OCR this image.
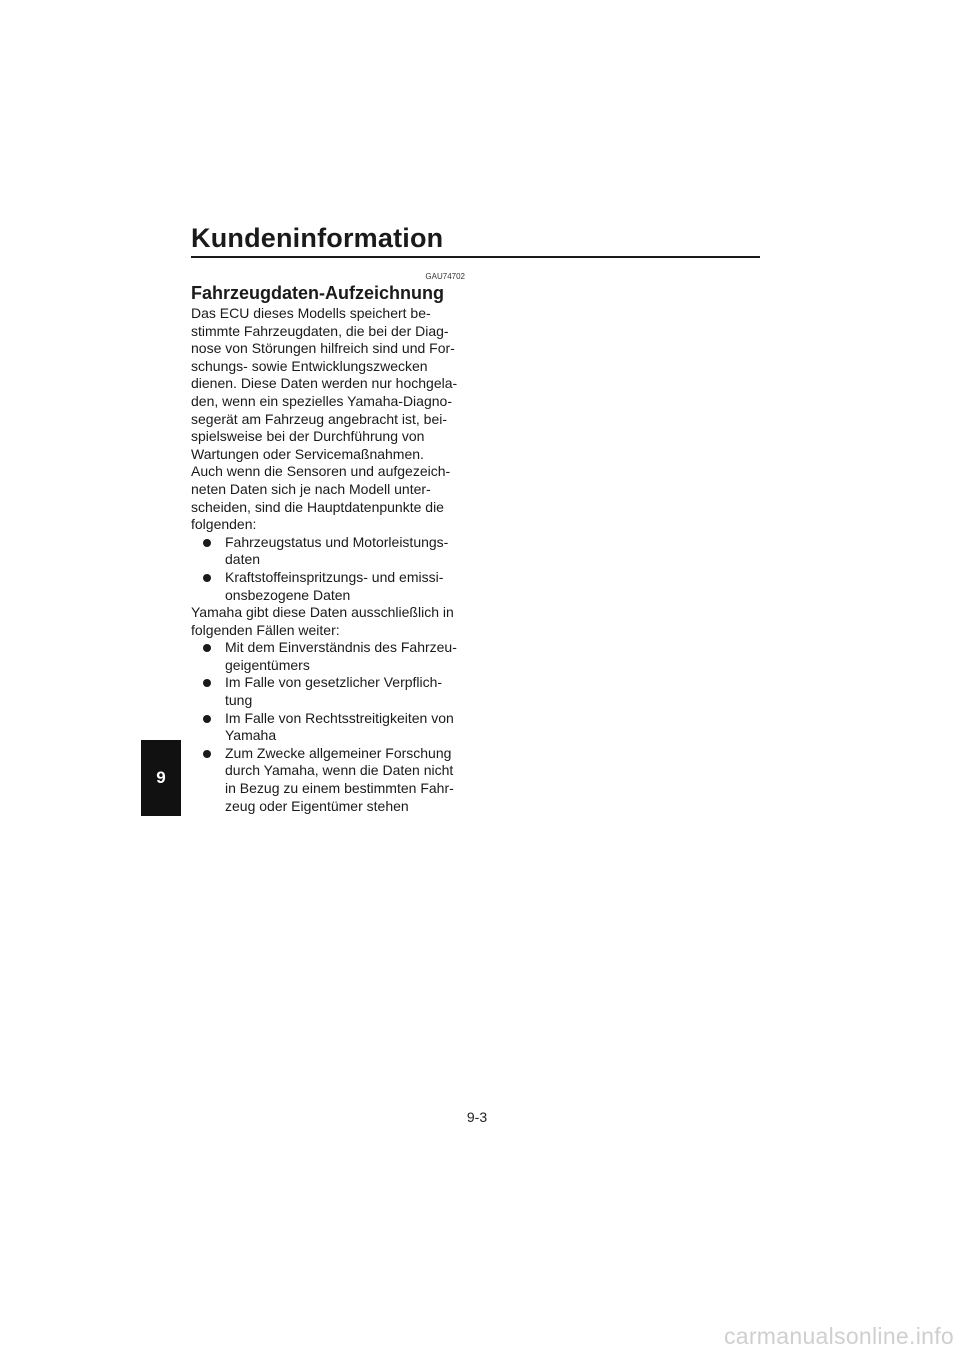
Kundeninformation
9
GAU74702
Fahrzeugdaten-Aufzeichnung

Das ECU dieses Modells speichert be-
stimmte Fahrzeugdaten, die bei der Diag-
nose von Störungen hilfreich sind und For-
schungs- sowie Entwicklungszwecken
dienen. Diese Daten werden nur hochgela-
den, wenn ein spezielles Yamaha-Diagno-
segerät am Fahrzeug angebracht ist, bei-
spielsweise bei der Durchführung von
Wartungen oder Servicemaßnahmen.
Auch wenn die Sensoren und aufgezeich-
neten Daten sich je nach Modell unter-
scheiden, sind die Hauptdatenpunkte die
folgenden:

Fahrzeugstatus und Motorleistungs-
daten
Kraftstoffeinspritzungs- und emissi-
onsbezogene Daten

Yamaha gibt diese Daten ausschließlich in
folgenden Fällen weiter:

Mit dem Einverständnis des Fahrzeu-
geigentümers
Im Falle von gesetzlicher Verpflich-
tung
Im Falle von Rechtsstreitigkeiten von
Yamaha
Zum Zwecke allgemeiner Forschung
durch Yamaha, wenn die Daten nicht
in Bezug zu einem bestimmten Fahr-
zeug oder Eigentümer stehen
9-3
carmanualsonline.info
